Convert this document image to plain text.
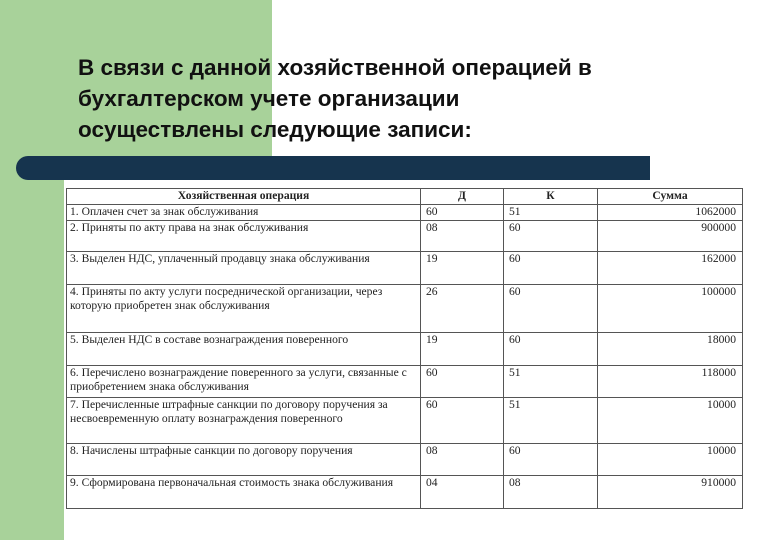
В связи с данной хозяйственной операцией в
бухгалтерском учете организации
осуществлены следующие записи:
Хозяйственная операция	Д	К	Сумма
1. Оплачен счет за знак обслуживания	60	51	1062000
2. Приняты по акту права на знак обслуживания	08	60	900000
3. Выделен НДС, уплаченный продавцу знака обслуживания	19	60	162000
4. Приняты по акту услуги посреднической организации, через которую приобретен знак обслуживания	26	60	100000
5. Выделен НДС в составе вознаграждения поверенного	19	60	18000
6. Перечислено вознаграждение поверенного за услуги, связанные с приобретением знака обслуживания	60	51	118000
7. Перечисленные штрафные санкции по договору поручения за несвоевременную оплату вознаграждения поверенного	60	51	10000
8. Начислены штрафные санкции по договору поручения	08	60	10000
9. Сформирована первоначальная стоимость знака обслуживания	04	08	910000
